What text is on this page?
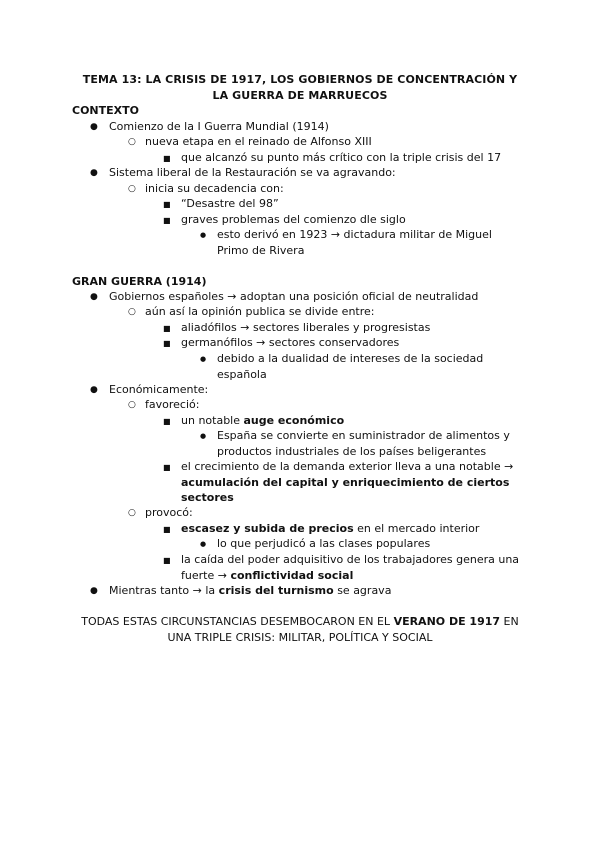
TEMA 13: LA CRISIS DE 1917, LOS GOBIERNOS DE CONCENTRACIÓN Y
LA GUERRA DE MARRUECOS
CONTEXTO
● Comienzo de la I Guerra Mundial (1914)
○ nueva etapa en el reinado de Alfonso XIII
■ que alcanzó su punto más crítico con la triple crisis del 17
● Sistema liberal de la Restauración se va agravando:
○ inicia su decadencia con:
■ “Desastre del 98”
■ graves problemas del comienzo dle siglo
● esto derivó en 1923 → dictadura militar de Miguel
Primo de Rivera
GRAN GUERRA (1914)
● Gobiernos españoles → adoptan una posición oficial de neutralidad
○ aún así la opinión publica se divide entre:
■ aliadófilos → sectores liberales y progresistas
■ germanófilos → sectores conservadores
● debido a la dualidad de intereses de la sociedad
española
● Económicamente:
○ favoreció:
■ un notable auge económico
● España se convierte en suministrador de alimentos y
productos industriales de los países beligerantes
■ el crecimiento de la demanda exterior lleva a una notable →
acumulación del capital y enriquecimiento de ciertos
sectores
○ provocó:
■ escasez y subida de precios en el mercado interior
● lo que perjudicó a las clases populares
■ la caída del poder adquisitivo de los trabajadores genera una
fuerte → conflictividad social
● Mientras tanto → la crisis del turnismo se agrava
TODAS ESTAS CIRCUNSTANCIAS DESEMBOCARON EN EL VERANO DE 1917 EN
UNA TRIPLE CRISIS: MILITAR, POLÍTICA Y SOCIAL
